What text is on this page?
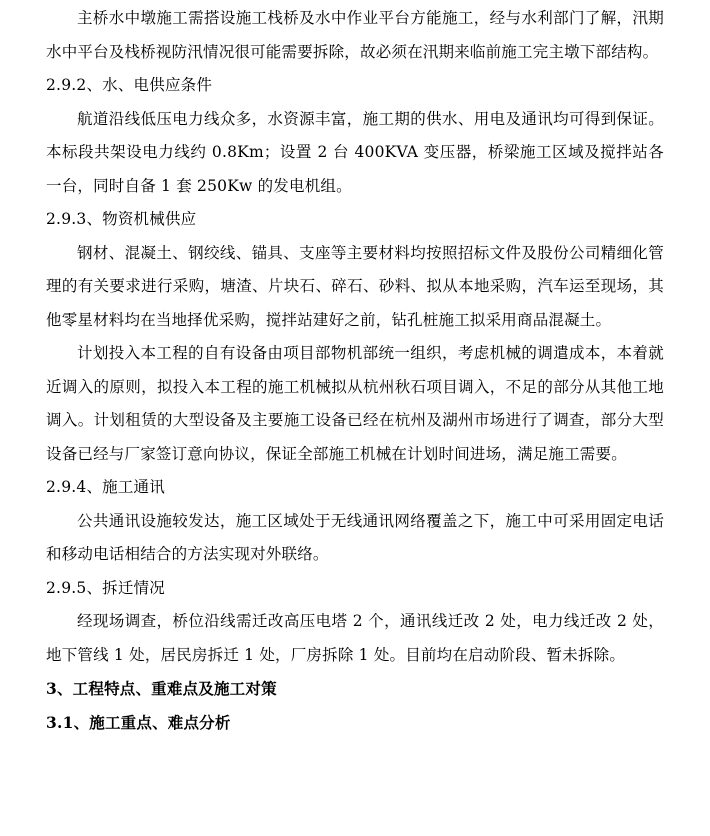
主桥水中墩施工需搭设施工栈桥及水中作业平台方能施工，经与水利部门了解，汛期水中平台及栈桥视防汛情况很可能需要拆除，故必须在汛期来临前施工完主墩下部结构。

2.9.2、水、电供应条件

航道沿线低压电力线众多，水资源丰富，施工期的供水、用电及通讯均可得到保证。本标段共架设电力线约 0.8Km；设置 2 台 400KVA 变压器，桥梁施工区域及搅拌站各一台，同时自备 1 套 250Kw 的发电机组。

2.9.3、物资机械供应

钢材、混凝土、钢绞线、锚具、支座等主要材料均按照招标文件及股份公司精细化管理的有关要求进行采购，塘渣、片块石、碎石、砂料、拟从本地采购，汽车运至现场，其他零星材料均在当地择优采购，搅拌站建好之前，钻孔桩施工拟采用商品混凝土。

计划投入本工程的自有设备由项目部物机部统一组织，考虑机械的调遣成本，本着就近调入的原则，拟投入本工程的施工机械拟从杭州秋石项目调入，不足的部分从其他工地调入。计划租赁的大型设备及主要施工设备已经在杭州及湖州市场进行了调查，部分大型设备已经与厂家签订意向协议，保证全部施工机械在计划时间进场，满足施工需要。

2.9.4、施工通讯

公共通讯设施较发达，施工区域处于无线通讯网络覆盖之下，施工中可采用固定电话和移动电话相结合的方法实现对外联络。

2.9.5、拆迁情况

经现场调查，桥位沿线需迁改高压电塔 2 个，通讯线迁改 2 处，电力线迁改 2 处，地下管线 1 处，居民房拆迁 1 处，厂房拆除 1 处。目前均在启动阶段、暂未拆除。

3、工程特点、重难点及施工对策

3.1、施工重点、难点分析
